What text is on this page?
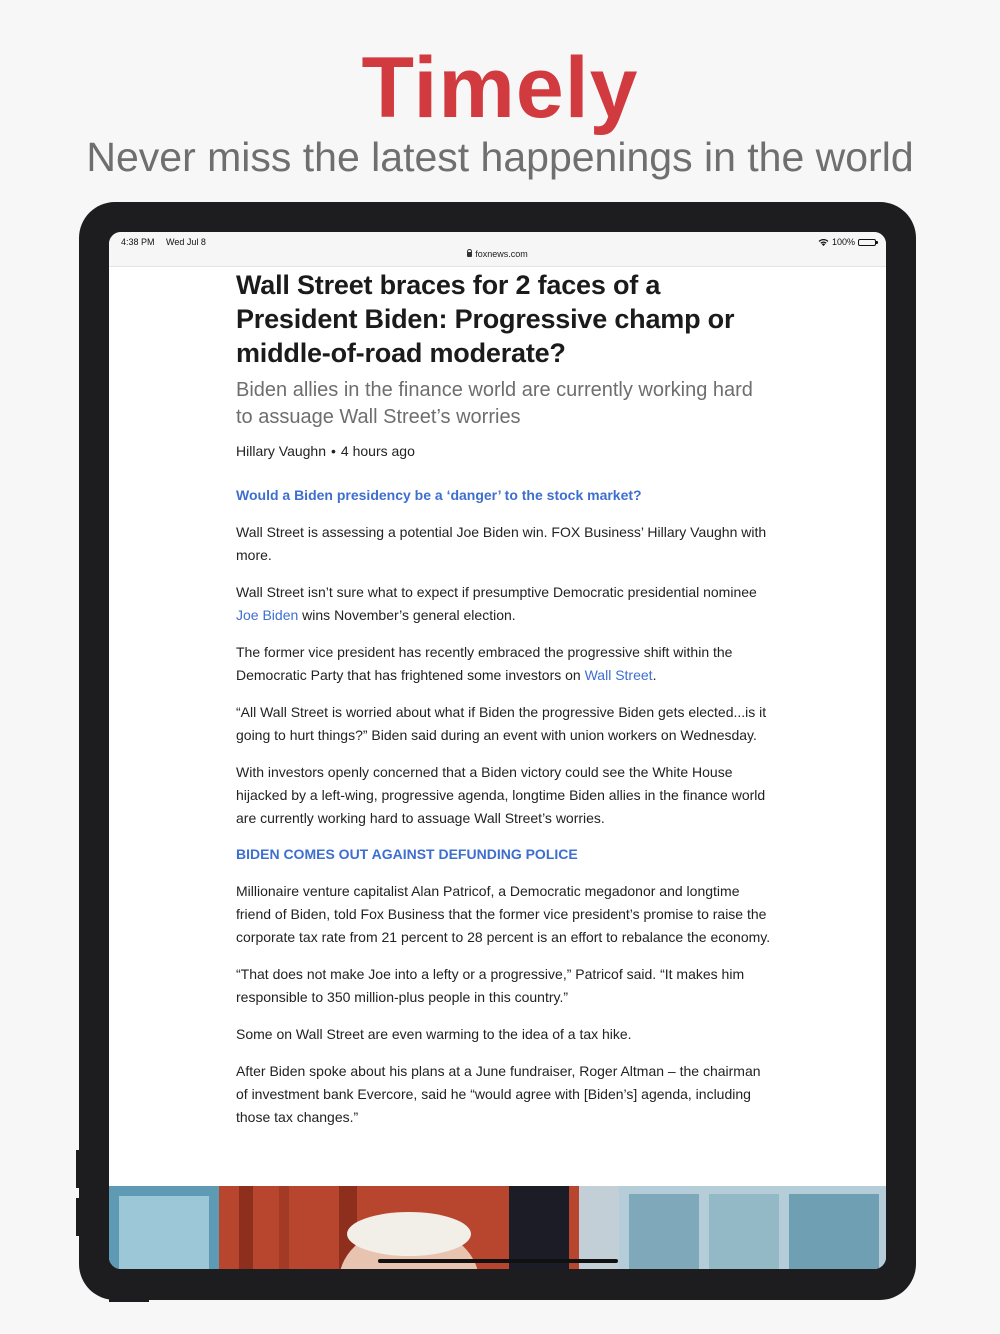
Timely
Never miss the latest happenings in the world
4:38 PM Wed Jul 8
foxnews.com
100%
Wall Street braces for 2 faces of a President Biden: Progressive champ or middle-of-road moderate?

Biden allies in the finance world are currently working hard to assuage Wall Street’s worries

Hillary Vaughn • 4 hours ago
Would a Biden presidency be a ‘danger’ to the stock market?

Wall Street is assessing a potential Joe Biden win. FOX Business’ Hillary Vaughn with more.

Wall Street isn’t sure what to expect if presumptive Democratic presidential nominee Joe Biden wins November’s general election.

The former vice president has recently embraced the progressive shift within the Democratic Party that has frightened some investors on Wall Street.

“All Wall Street is worried about what if Biden the progressive Biden gets elected...is it going to hurt things?” Biden said during an event with union workers on Wednesday.

With investors openly concerned that a Biden victory could see the White House hijacked by a left-wing, progressive agenda, longtime Biden allies in the finance world are currently working hard to assuage Wall Street’s worries.

BIDEN COMES OUT AGAINST DEFUNDING POLICE

Millionaire venture capitalist Alan Patricof, a Democratic megadonor and longtime friend of Biden, told Fox Business that the former vice president’s promise to raise the corporate tax rate from 21 percent to 28 percent is an effort to rebalance the economy.

“That does not make Joe into a lefty or a progressive,” Patricof said. “It makes him responsible to 350 million-plus people in this country.”

Some on Wall Street are even warming to the idea of a tax hike.

After Biden spoke about his plans at a June fundraiser, Roger Altman – the chairman of investment bank Evercore, said he “would agree with [Biden’s] agenda, including those tax changes.”
